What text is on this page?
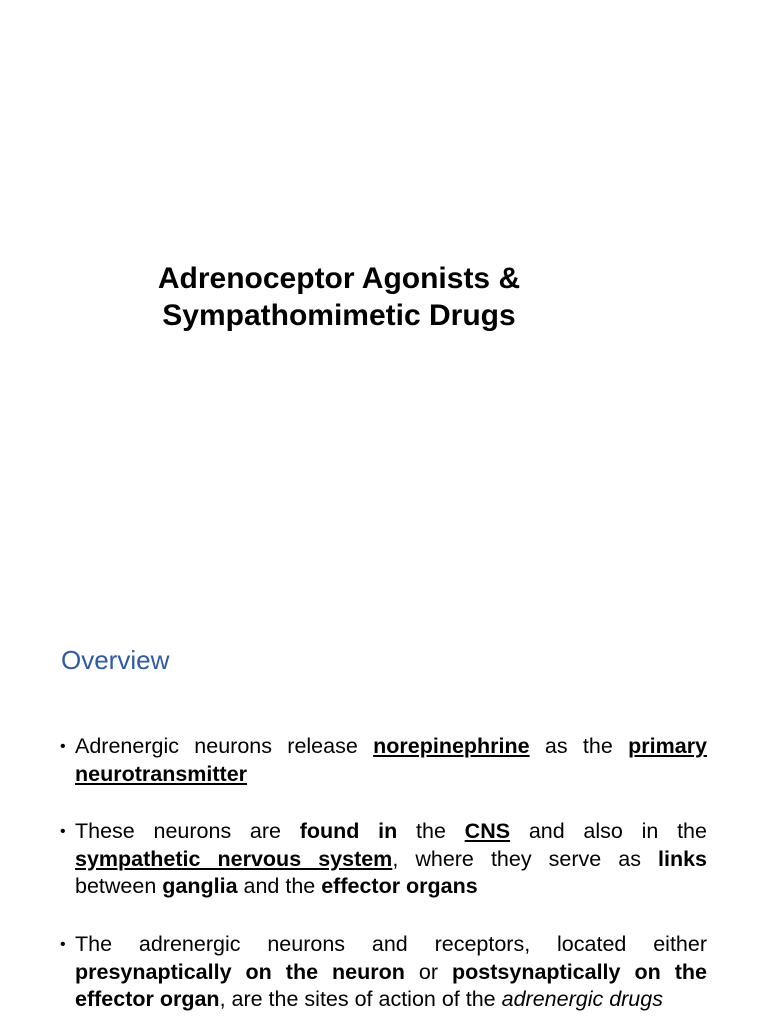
Adrenoceptor Agonists &
Sympathomimetic Drugs
Overview
• Adrenergic neurons release norepinephrine as the primary neurotransmitter
• These neurons are found in the CNS and also in the sympathetic nervous system, where they serve as links between ganglia and the effector organs
• The adrenergic neurons and receptors, located either presynaptically on the neuron or postsynaptically on the effector organ, are the sites of action of the adrenergic drugs
